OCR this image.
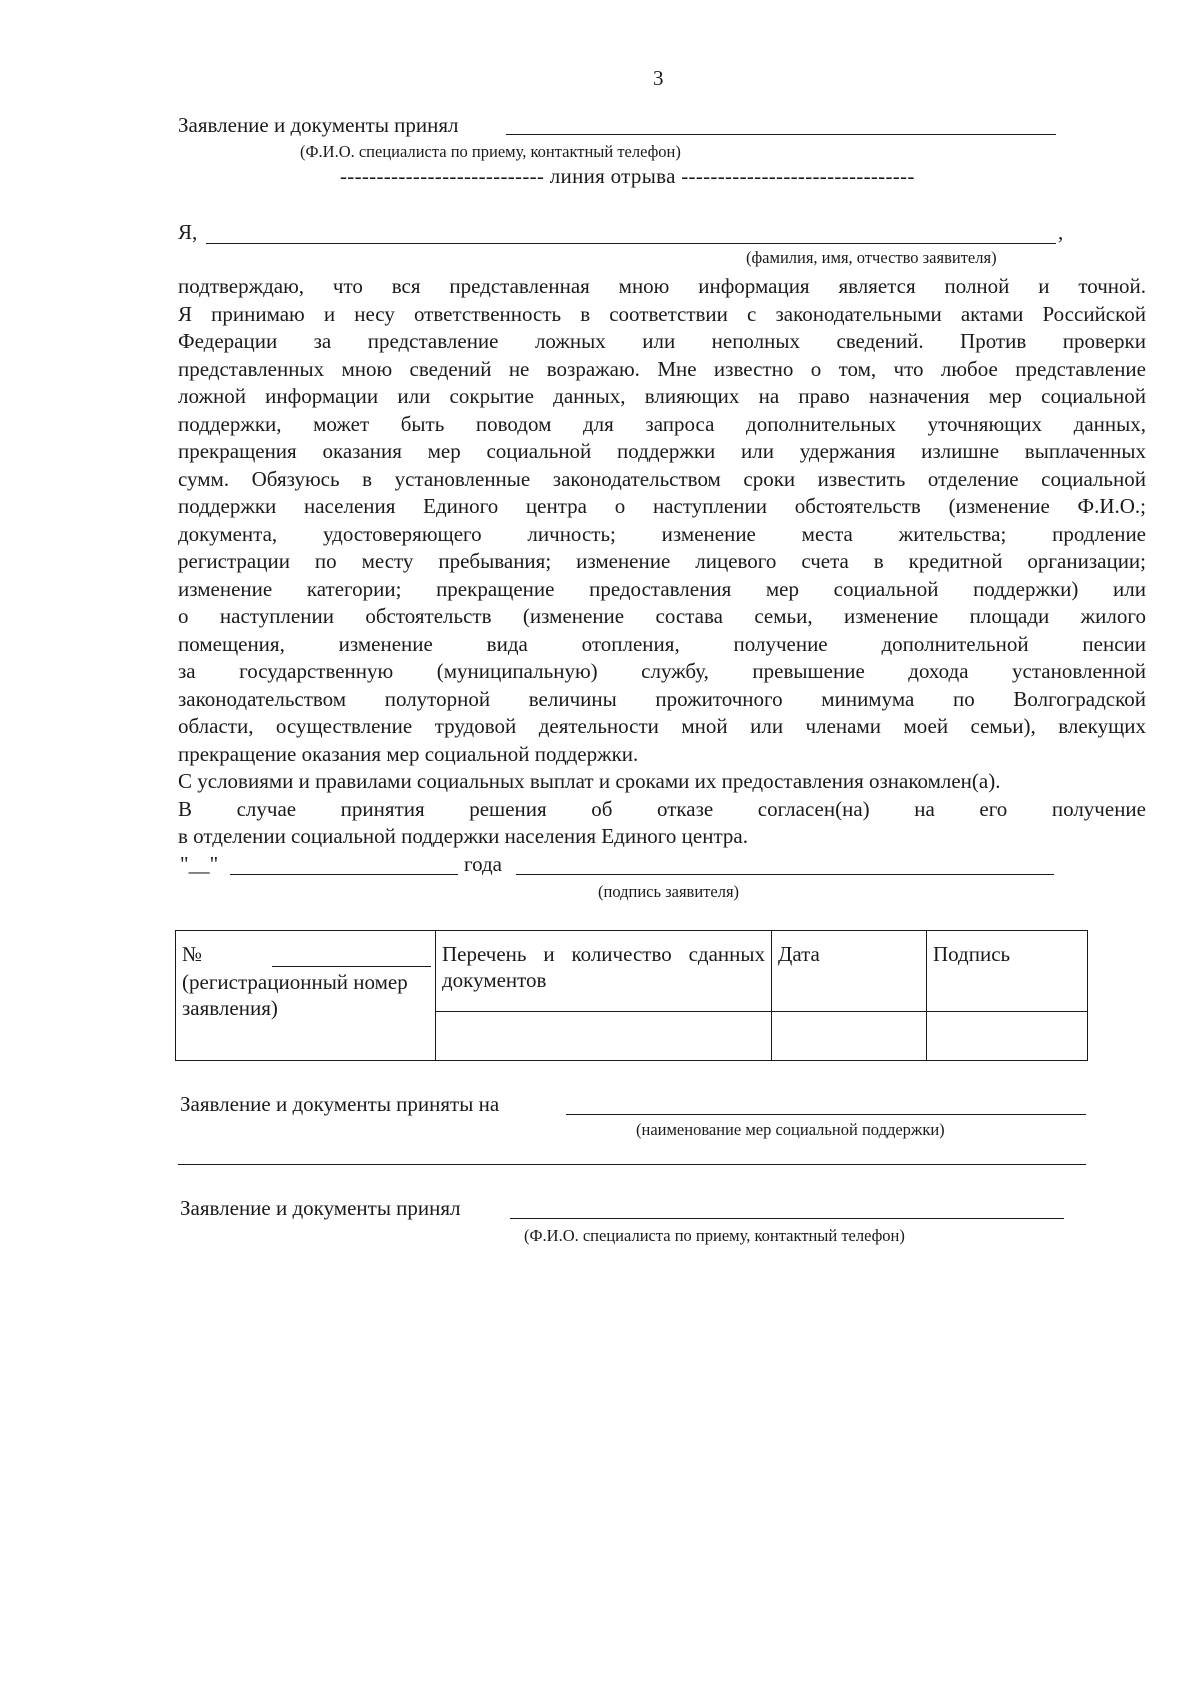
3
Заявление и документы принял
(Ф.И.О. специалиста по приему, контактный телефон)
---------------------------- линия отрыва --------------------------------
Я,	,
(фамилия, имя, отчество заявителя)
подтверждаю, что вся представленная мною информация является полной и точной.
Я принимаю и несу ответственность в соответствии с законодательными актами Российской
Федерации за представление ложных или неполных сведений. Против проверки
представленных мною сведений не возражаю. Мне известно о том, что любое представление
ложной информации или сокрытие данных, влияющих на право назначения мер социальной
поддержки, может быть поводом для запроса дополнительных уточняющих данных,
прекращения оказания мер социальной поддержки или удержания излишне выплаченных
сумм. Обязуюсь в установленные законодательством сроки известить отделение социальной
поддержки населения Единого центра о наступлении обстоятельств (изменение Ф.И.О.;
документа, удостоверяющего личность; изменение места жительства; продление
регистрации по месту пребывания; изменение лицевого счета в кредитной организации;
изменение категории; прекращение предоставления мер социальной поддержки) или
о наступлении обстоятельств (изменение состава семьи, изменение площади жилого
помещения, изменение вида отопления, получение дополнительной пенсии
за государственную (муниципальную) службу, превышение дохода установленной
законодательством полуторной величины прожиточного минимума по Волгоградской
области, осуществление трудовой деятельности мной или членами моей семьи), влекущих
прекращение оказания мер социальной поддержки.
С условиями и правилами социальных выплат и сроками их предоставления ознакомлен(а).
В случае принятия решения об отказе согласен(на) на его получение
в отделении социальной поддержки населения Единого центра.
"__"	года
(подпись заявителя)
№
(регистрационный номер заявления)	Перечень и количество сданных документов	Дата	Подпись

Заявление и документы приняты на
(наименование мер социальной поддержки)
Заявление и документы принял
(Ф.И.О. специалиста по приему, контактный телефон)
